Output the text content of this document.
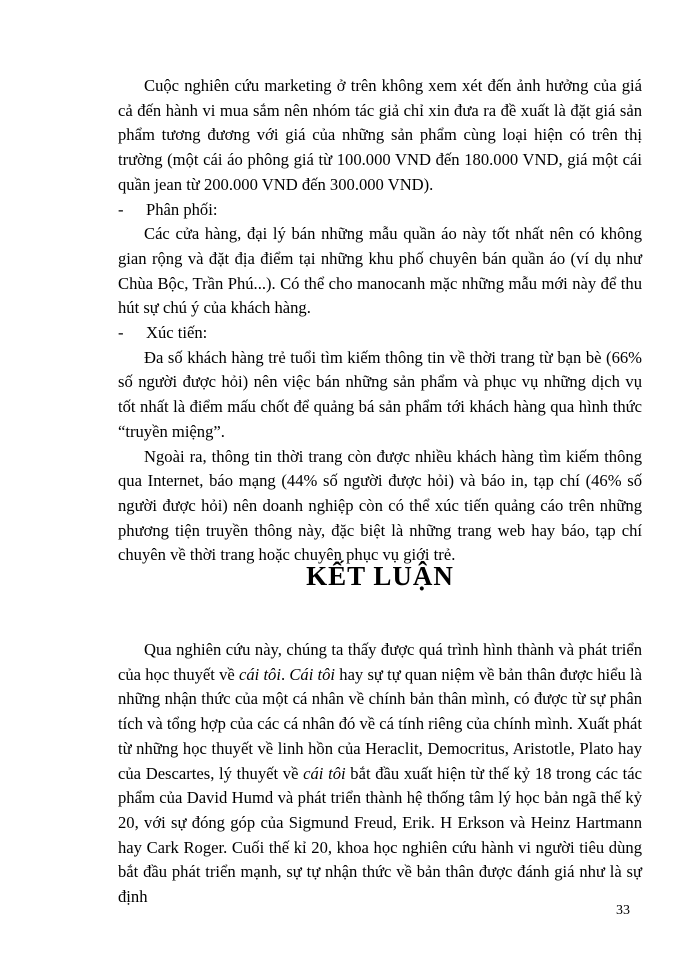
Cuộc nghiên cứu marketing ở trên không xem xét đến ảnh hưởng của giá cả đến hành vi mua sắm nên nhóm tác giả chỉ xin đưa ra đề xuất là đặt giá sản phẩm tương đương với giá của những sản phẩm cùng loại hiện có trên thị trường (một cái áo phông giá từ 100.000 VND đến 180.000 VND, giá một cái quần jean từ 200.000 VND đến 300.000 VND).

- Phân phối:

Các cửa hàng, đại lý bán những mẫu quần áo này tốt nhất nên có không gian rộng và đặt địa điểm tại những khu phố chuyên bán quần áo (ví dụ như Chùa Bộc, Trần Phú...). Có thể cho manocanh mặc những mẫu mới này để thu hút sự chú ý của khách hàng.

- Xúc tiến:

Đa số khách hàng trẻ tuổi tìm kiếm thông tin về thời trang từ bạn bè (66% số người được hỏi) nên việc bán những sản phẩm và phục vụ những dịch vụ tốt nhất là điểm mấu chốt để quảng bá sản phẩm tới khách hàng qua hình thức “truyền miệng”.

Ngoài ra, thông tin thời trang còn được nhiều khách hàng tìm kiếm thông qua Internet, báo mạng (44% số người được hỏi) và báo in, tạp chí (46% số người được hỏi) nên doanh nghiệp còn có thể xúc tiến quảng cáo trên những phương tiện truyền thông này, đặc biệt là những trang web hay báo, tạp chí chuyên về thời trang hoặc chuyên phục vụ giới trẻ.

KẾT LUẬN

Qua nghiên cứu này, chúng ta thấy được quá trình hình thành và phát triển của học thuyết về cái tôi. Cái tôi hay sự tự quan niệm về bản thân được hiểu là những nhận thức của một cá nhân về chính bản thân mình, có được từ sự phân tích và tổng hợp của các cá nhân đó về cá tính riêng của chính mình. Xuất phát từ những học thuyết về linh hồn của Heraclit, Democritus, Aristotle, Plato hay của Descartes, lý thuyết về cái tôi bắt đầu xuất hiện từ thế kỷ 18 trong các tác phẩm của David Humd và phát triển thành hệ thống tâm lý học bản ngã thế kỷ 20, với sự đóng góp của Sigmund Freud, Erik. H Erkson và Heinz Hartmann hay Cark Roger. Cuối thế kỉ 20, khoa học nghiên cứu hành vi người tiêu dùng bắt đầu phát triển mạnh, sự tự nhận thức về bản thân được đánh giá như là sự định

33
